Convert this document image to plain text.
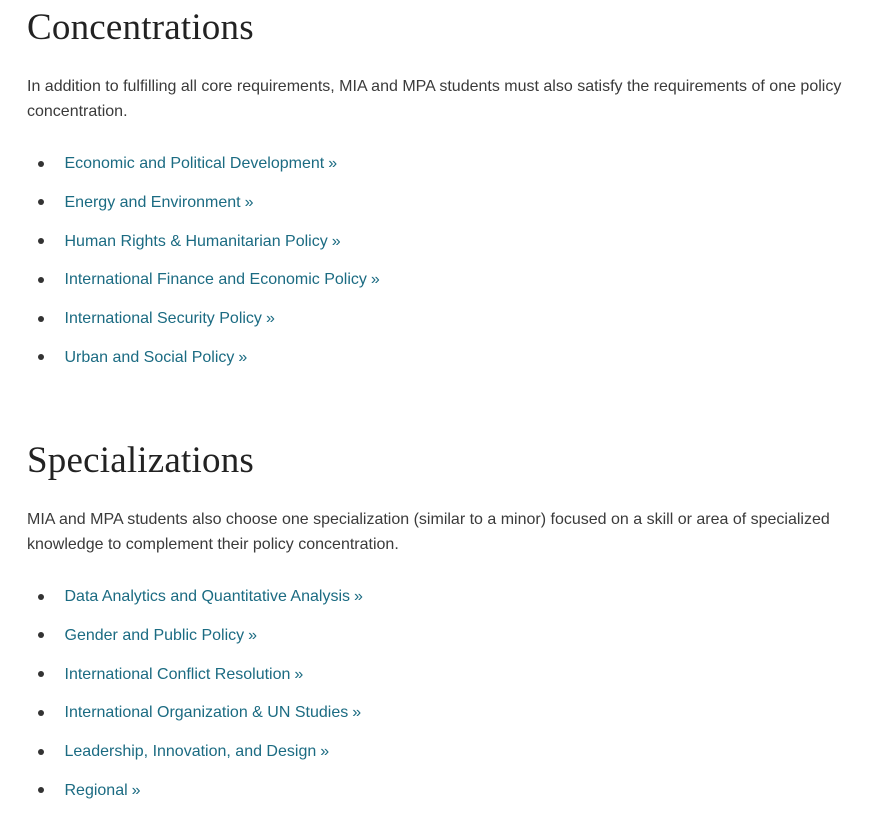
Concentrations

In addition to fulfilling all core requirements, MIA and MPA students must also satisfy the requirements of one policy concentration.

Economic and Political Development »
Energy and Environment »
Human Rights & Humanitarian Policy »
International Finance and Economic Policy »
International Security Policy »
Urban and Social Policy »
Specializations

MIA and MPA students also choose one specialization (similar to a minor) focused on a skill or area of specialized knowledge to complement their policy concentration.

Data Analytics and Quantitative Analysis »
Gender and Public Policy »
International Conflict Resolution »
International Organization & UN Studies »
Leadership, Innovation, and Design »
Regional »
